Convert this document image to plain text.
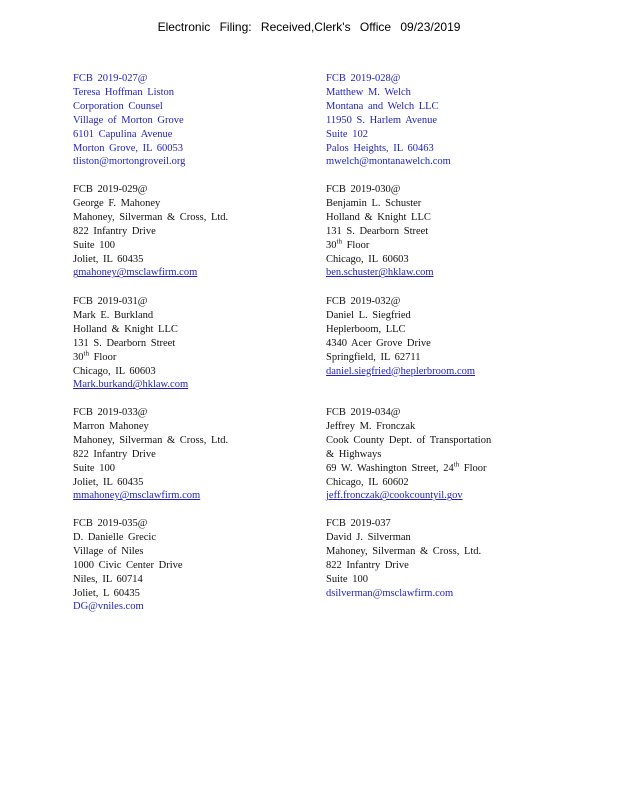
Electronic Filing: Received,Clerk's Office 09/23/2019
FCB 2019-027@
Teresa Hoffman Liston
Corporation Counsel
Village of Morton Grove
6101 Capulina Avenue
Morton Grove, IL 60053
tliston@mortongroveil.org
FCB 2019-028@
Matthew M. Welch
Montana and Welch LLC
11950 S. Harlem Avenue
Suite 102
Palos Heights, IL 60463
mwelch@montanawelch.com
FCB 2019-029@
George F. Mahoney
Mahoney, Silverman & Cross, Ltd.
822 Infantry Drive
Suite 100
Joliet, IL 60435
gmahoney@msclawfirm.com
FCB 2019-030@
Benjamin L. Schuster
Holland & Knight LLC
131 S. Dearborn Street
30th Floor
Chicago, IL 60603
ben.schuster@hklaw.com
FCB 2019-031@
Mark E. Burkland
Holland & Knight LLC
131 S. Dearborn Street
30th Floor
Chicago, IL 60603
Mark.burkand@hklaw.com
FCB 2019-032@
Daniel L. Siegfried
Heplerboom, LLC
4340 Acer Grove Drive
Springfield, IL 62711
daniel.siegfried@heplerbroom.com
FCB 2019-033@
Marron Mahoney
Mahoney, Silverman & Cross, Ltd.
822 Infantry Drive
Suite 100
Joliet, IL 60435
mmahoney@msclawfirm.com
FCB 2019-034@
Jeffrey M. Fronczak
Cook County Dept. of Transportation
& Highways
69 W. Washington Street, 24th Floor
Chicago, IL 60602
jeff.fronczak@cookcountyil.gov
FCB 2019-035@
D. Danielle Grecic
Village of Niles
1000 Civic Center Drive
Niles, IL 60714
Joliet, L 60435
DG@vniles.com
FCB 2019-037
David J. Silverman
Mahoney, Silverman & Cross, Ltd.
822 Infantry Drive
Suite 100
dsilverman@msclawfirm.com
